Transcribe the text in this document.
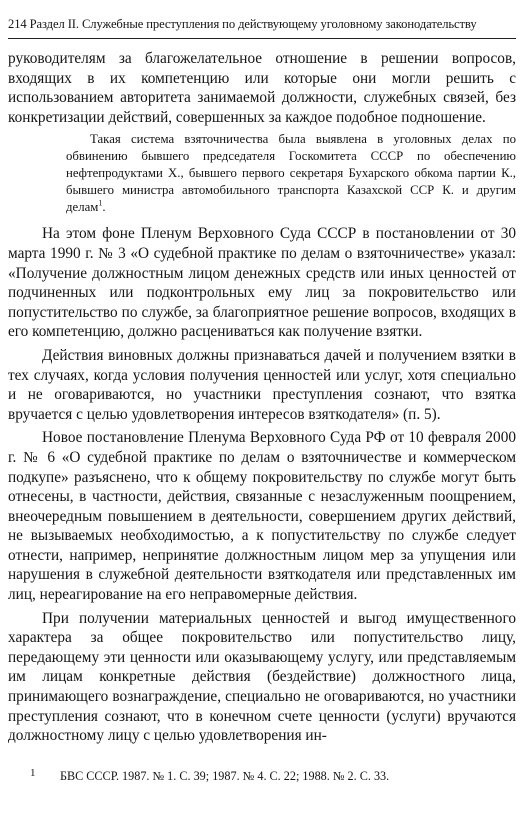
214 Раздел II. Служебные преступления по действующему уголовному законодательству

руководителям за благожелательное отношение в решении вопросов, входящих в их компетенцию или которые они могли решить с использованием авторитета занимаемой должности, служебных связей, без конкретизации действий, совершенных за каждое подобное подношение.

Такая система взяточничества была выявлена в уголовных делах по обвинению бывшего председателя Госкомитета СССР по обеспечению нефтепродуктами Х., бывшего первого секретаря Бухарского обкома партии К., бывшего министра автомобильного транспорта Казахской ССР К. и другим делам$^1$.

На этом фоне Пленум Верховного Суда СССР в постановлении от 30 марта 1990 г. № 3 «О судебной практике по делам о взяточничестве» указал: «Получение должностным лицом денежных средств или иных ценностей от подчиненных или подконтрольных ему лиц за покровительство или попустительство по службе, за благоприятное решение вопросов, входящих в его компетенцию, должно расцениваться как получение взятки.

Действия виновных должны признаваться дачей и получением взятки в тех случаях, когда условия получения ценностей или услуг, хотя специально и не оговариваются, но участники преступления сознают, что взятка вручается с целью удовлетворения интересов взяткодателя» (п. 5).

Новое постановление Пленума Верховного Суда РФ от 10 февраля 2000 г. № 6 «О судебной практике по делам о взяточничестве и коммерческом подкупе» разъяснено, что к общему покровительству по службе могут быть отнесены, в частности, действия, связанные с незаслуженным поощрением, внеочередным повышением в деятельности, совершением других действий, не вызываемых необходимостью, а к попустительству по службе следует отнести, например, непринятие должностным лицом мер за упущения или нарушения в служебной деятельности взяткодателя или представленных им лиц, нереагирование на его неправомерные действия.

При получении материальных ценностей и выгод имущественного характера за общее покровительство или попустительство лицу, передающему эти ценности или оказывающему услугу, или представляемым им лицам конкретные действия (бездействие) должностного лица, принимающего вознаграждение, специально не оговариваются, но участники преступления сознают, что в конечном счете ценности (услуги) вручаются должностному лицу с целью удовлетворения ин-

1 БВС СССР. 1987. № 1. С. 39; 1987. № 4. С. 22; 1988. № 2. С. 33.
